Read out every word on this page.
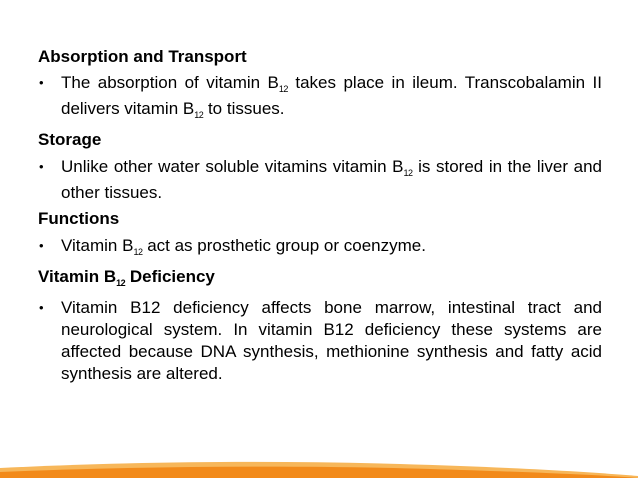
Absorption and Transport

• The absorption of vitamin $B_{12}$ takes place in ileum. Transcobalamin II delivers vitamin $B_{12}$ to tissues.

Storage

• Unlike other water soluble vitamins vitamin $B_{12}$ is stored in the liver and other tissues.

Functions

• Vitamin $B_{12}$ act as prosthetic group or coenzyme.

Vitamin $B_{12}$ Deficiency

• Vitamin B12 deficiency affects bone marrow, intestinal tract and neurological system. In vitamin B12 deficiency these systems are affected because DNA synthesis, methionine synthesis and fatty acid synthesis are altered.
